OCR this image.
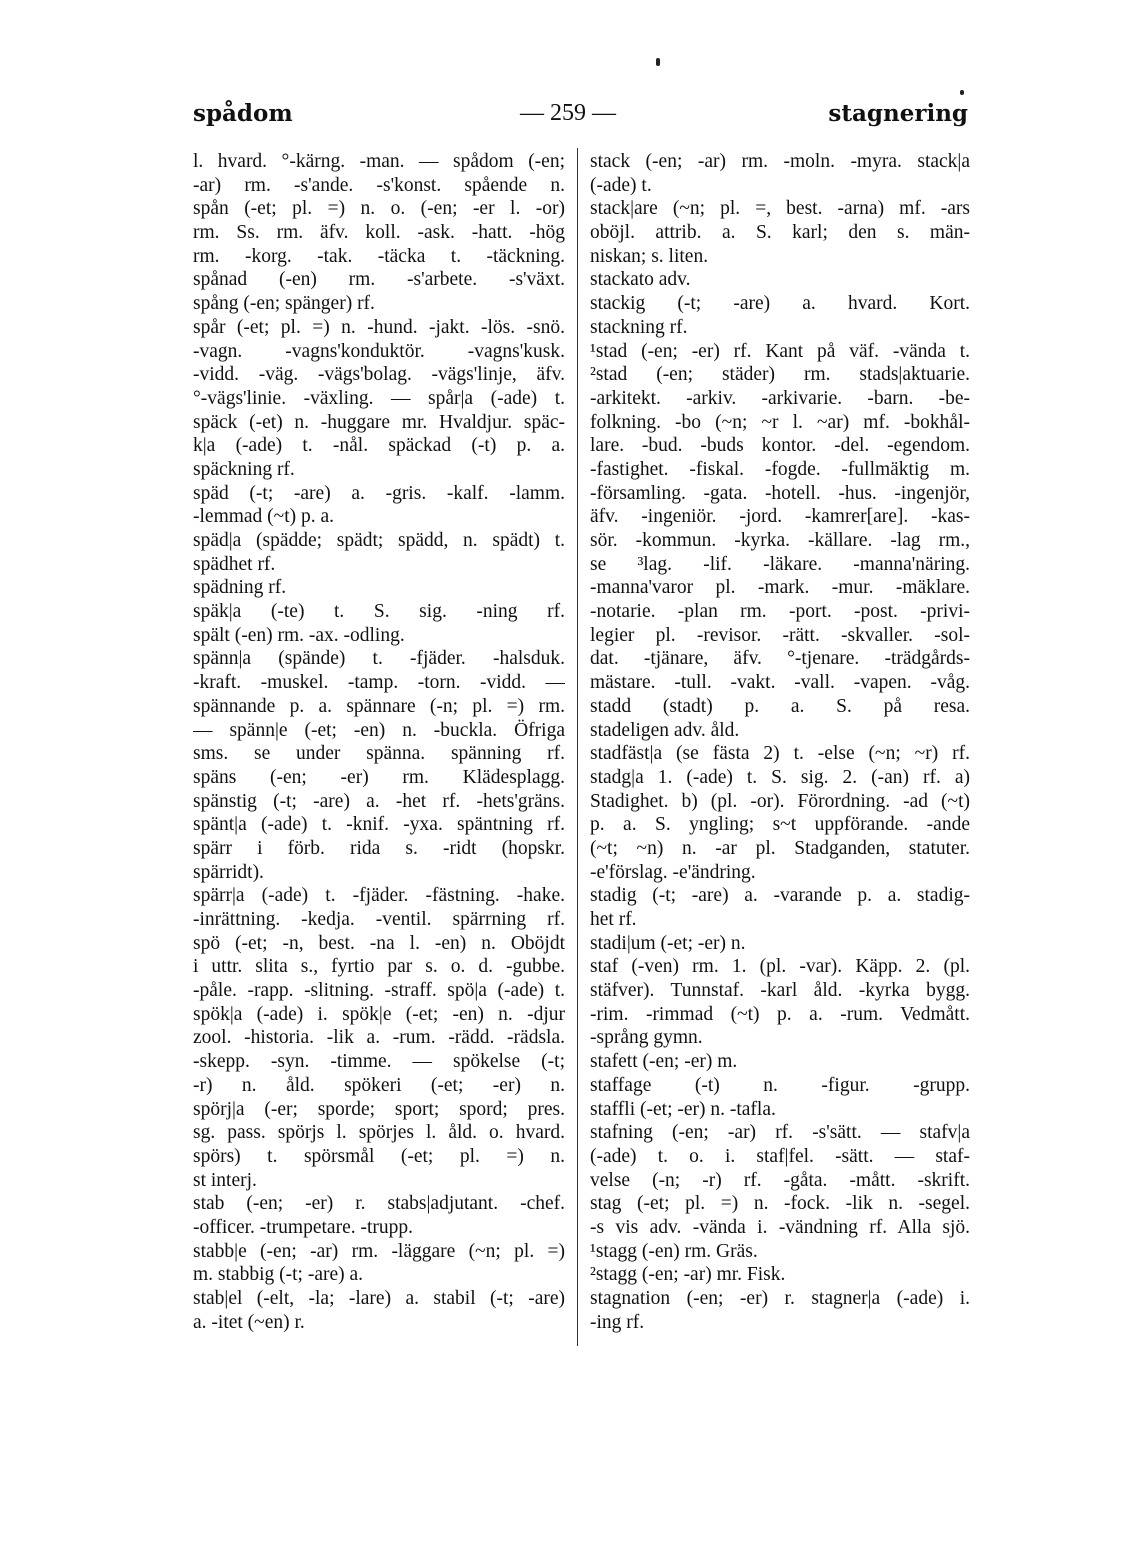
spådom	— 259 —	stagnering
l. hvard. °-kärng. -man. — spådom (-en;
-ar) rm. -s'ande. -s'konst. spående n.
spån (-et; pl. =) n. o. (-en; -er l. -or)
rm. Ss. rm. äfv. koll. -ask. -hatt. -hög
rm. -korg. -tak. -täcka t. -täckning.
spånad (-en) rm. -s'arbete. -s'växt.
spång (-en; spänger) rf.
spår (-et; pl. =) n. -hund. -jakt. -lös. -snö.
-vagn. -vagns'konduktör. -vagns'kusk.
-vidd. -väg. -vägs'bolag. -vägs'linje, äfv.
°-vägs'linie. -växling. — spår|a (-ade) t.
späck (-et) n. -huggare mr. Hvaldjur. späc-
k|a (-ade) t. -nål. späckad (-t) p. a.
späckning rf.
späd (-t; -are) a. -gris. -kalf. -lamm.
-lemmad (~t) p. a.
späd|a (spädde; spädt; spädd, n. spädt) t.
spädhet rf.
spädning rf.
späk|a (-te) t. S. sig. -ning rf.
spält (-en) rm. -ax. -odling.
spänn|a (spände) t. -fjäder. -halsduk.
-kraft. -muskel. -tamp. -torn. -vidd. —
spännande p. a. spännare (-n; pl. =) rm.
— spänn|e (-et; -en) n. -buckla. Öfriga
sms. se under spänna. spänning rf.
späns (-en; -er) rm. Klädesplagg.
spänstig (-t; -are) a. -het rf. -hets'gräns.
spänt|a (-ade) t. -knif. -yxa. späntning rf.
spärr i förb. rida s. -ridt (hopskr.
spärridt).
spärr|a (-ade) t. -fjäder. -fästning. -hake.
-inrättning. -kedja. -ventil. spärrning rf.
spö (-et; -n, best. -na l. -en) n. Oböjdt
i uttr. slita s., fyrtio par s. o. d. -gubbe.
-påle. -rapp. -slitning. -straff. spö|a (-ade) t.
spök|a (-ade) i. spök|e (-et; -en) n. -djur
zool. -historia. -lik a. -rum. -rädd. -rädsla.
-skepp. -syn. -timme. — spökelse (-t;
-r) n. åld. spökeri (-et; -er) n.
spörj|a (-er; sporde; sport; spord; pres.
sg. pass. spörjs l. spörjes l. åld. o. hvard.
spörs) t. spörsmål (-et; pl. =) n.
st interj.
stab (-en; -er) r. stabs|adjutant. -chef.
-officer. -trumpetare. -trupp.
stabb|e (-en; -ar) rm. -läggare (~n; pl. =)
m. stabbig (-t; -are) a.
stab|el (-elt, -la; -lare) a. stabil (-t; -are)
a. -itet (~en) r.
stack (-en; -ar) rm. -moln. -myra. stack|a
(-ade) t.
stack|are (~n; pl. =, best. -arna) mf. -ars
oböjl. attrib. a. S. karl; den s. män-
niskan; s. liten.
stackato adv.
stackig (-t; -are) a. hvard. Kort.
stackning rf.
¹stad (-en; -er) rf. Kant på väf. -vända t.
²stad (-en; städer) rm. stads|aktuarie.
-arkitekt. -arkiv. -arkivarie. -barn. -be-
folkning. -bo (~n; ~r l. ~ar) mf. -bokhål-
lare. -bud. -buds kontor. -del. -egendom.
-fastighet. -fiskal. -fogde. -fullmäktig m.
-församling. -gata. -hotell. -hus. -ingenjör,
äfv. -ingeniör. -jord. -kamrer[are]. -kas-
sör. -kommun. -kyrka. -källare. -lag rm.,
se ³lag. -lif. -läkare. -manna'näring.
-manna'varor pl. -mark. -mur. -mäklare.
-notarie. -plan rm. -port. -post. -privi-
legier pl. -revisor. -rätt. -skvaller. -sol-
dat. -tjänare, äfv. °-tjenare. -trädgårds-
mästare. -tull. -vakt. -vall. -vapen. -våg.
stadd (stadt) p. a. S. på resa.
stadeligen adv. åld.
stadfäst|a (se fästa 2) t. -else (~n; ~r) rf.
stadg|a 1. (-ade) t. S. sig. 2. (-an) rf. a)
Stadighet. b) (pl. -or). Förordning. -ad (~t)
p. a. S. yngling; s~t uppförande. -ande
(~t; ~n) n. -ar pl. Stadganden, statuter.
-e'förslag. -e'ändring.
stadig (-t; -are) a. -varande p. a. stadig-
het rf.
stadi|um (-et; -er) n.
staf (-ven) rm. 1. (pl. -var). Käpp. 2. (pl.
stäfver). Tunnstaf. -karl åld. -kyrka bygg.
-rim. -rimmad (~t) p. a. -rum. Vedmått.
-språng gymn.
stafett (-en; -er) m.
staffage (-t) n. -figur. -grupp.
staffli (-et; -er) n. -tafla.
stafning (-en; -ar) rf. -s'sätt. — stafv|a
(-ade) t. o. i. staf|fel. -sätt. — staf-
velse (-n; -r) rf. -gåta. -mått. -skrift.
stag (-et; pl. =) n. -fock. -lik n. -segel.
-s vis adv. -vända i. -vändning rf. Alla sjö.
¹stagg (-en) rm. Gräs.
²stagg (-en; -ar) mr. Fisk.
stagnation (-en; -er) r. stagner|a (-ade) i.
-ing rf.
